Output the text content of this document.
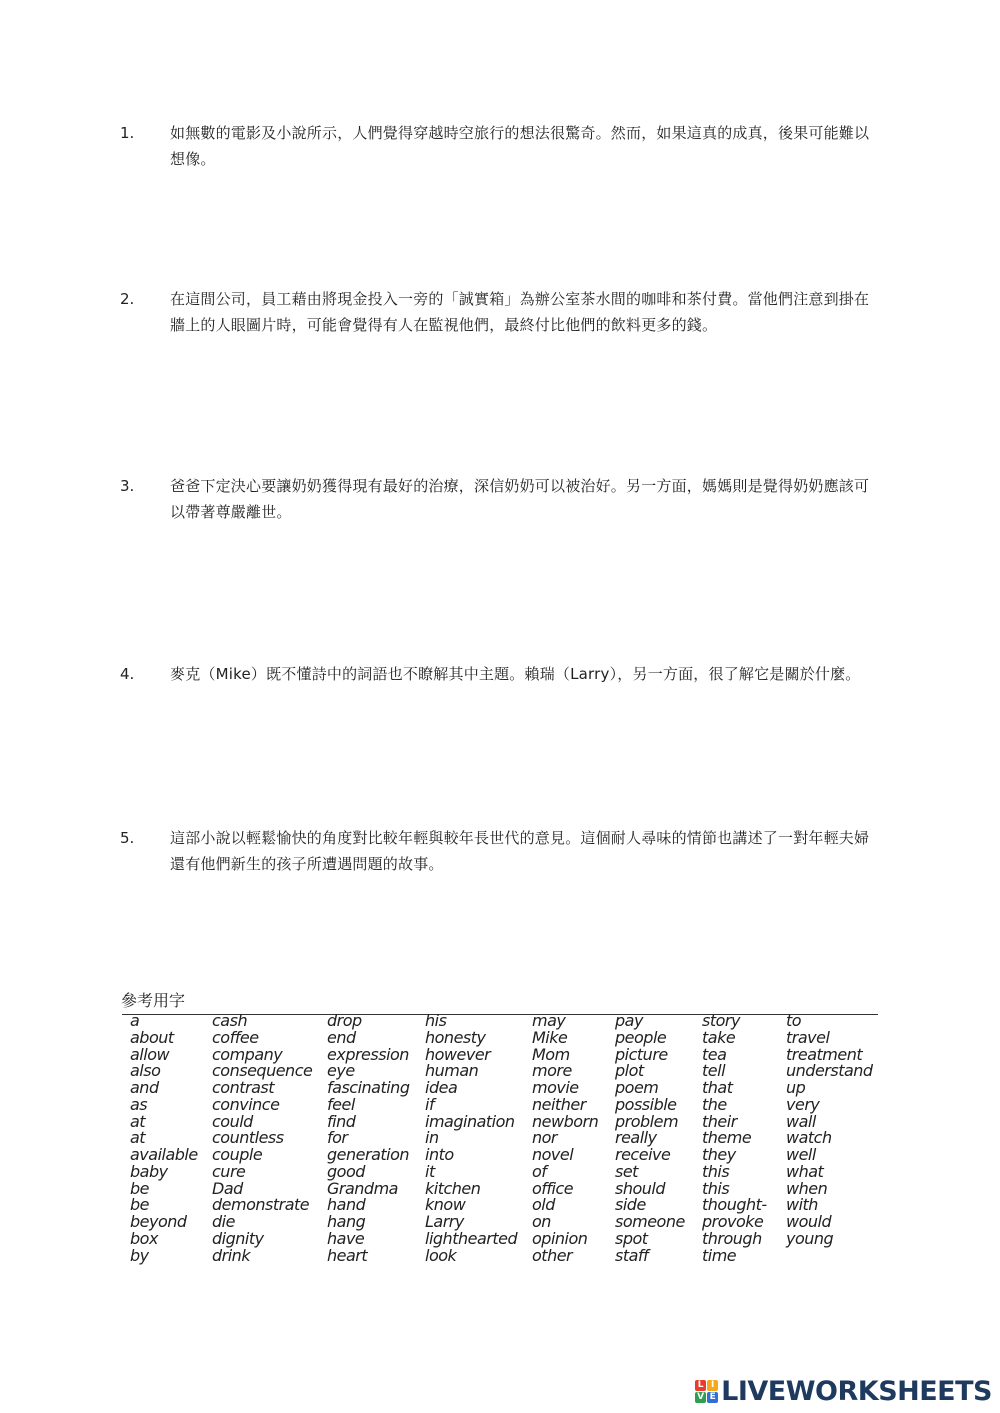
1. 如無數的電影及小說所示，人們覺得穿越時空旅行的想法很驚奇。然而，如果這真的成真，後果可能難以想像。
2. 在這間公司，員工藉由將現金投入一旁的「誠實箱」為辦公室茶水間的咖啡和茶付費。當他們注意到掛在牆上的人眼圖片時，可能會覺得有人在監視他們，最終付比他們的飲料更多的錢。
3. 爸爸下定決心要讓奶奶獲得現有最好的治療，深信奶奶可以被治好。另一方面，媽媽則是覺得奶奶應該可以帶著尊嚴離世。
4. 麥克（Mike）既不懂詩中的詞語也不瞭解其中主題。賴瑞（Larry），另一方面，很了解它是關於什麼。
5. 這部小說以輕鬆愉快的角度對比較年輕與較年長世代的意見。這個耐人尋味的情節也講述了一對年輕夫婦還有他們新生的孩子所遭遇問題的故事。
參考用字
a
about
allow
also
and
as
at
at
available
baby
be
be
beyond
box
by
cash
coffee
company
consequence
contrast
convince
could
countless
couple
cure
Dad
demonstrate
die
dignity
drink
drop
end
expression
eye
fascinating
feel
find
for
generation
good
Grandma
hand
hang
have
heart
his
honesty
however
human
idea
if
imagination
in
into
it
kitchen
know
Larry
lighthearted
look
may
Mike
Mom
more
movie
neither
newborn
nor
novel
of
office
old
on
opinion
other
pay
people
picture
plot
poem
possible
problem
really
receive
set
should
side
someone
spot
staff
story
take
tea
tell
that
the
their
theme
they
this
this
thought-
provoke
through
time
to
travel
treatment
understand
up
very
wall
watch
well
what
when
with
would
young
L I
V E LIVEWORKSHEETS
